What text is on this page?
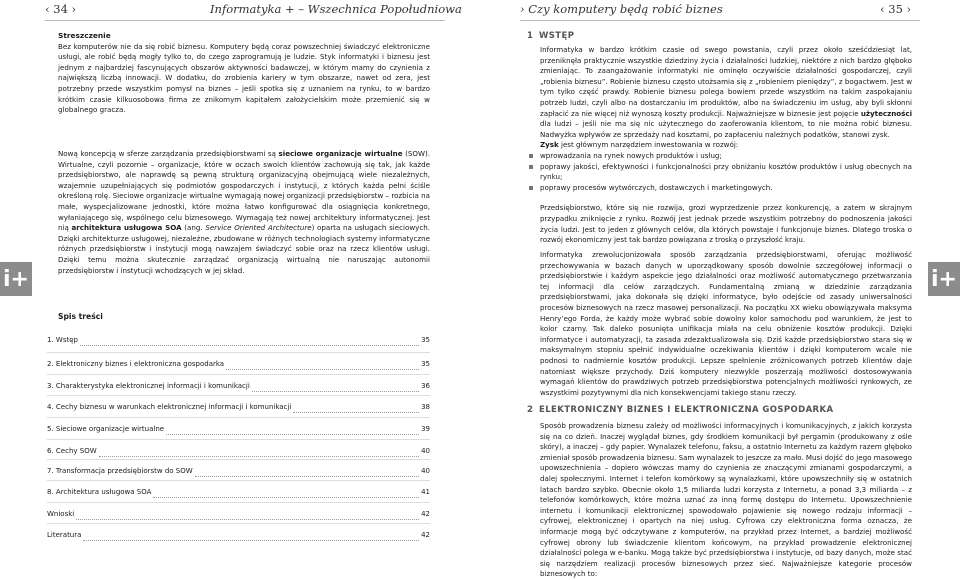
‹ 34 ›	Informatyka + – Wszechnica Popołudniowa	› Czy komputery będą robić biznes	‹ 35 ›
i+	i+

Streszczenie

Bez komputerów nie da się robić biznesu. Komputery będą coraz powszechniej świadczyć elektroniczne usługi, ale robić będą mogły tylko to, do czego zaprogramują je ludzie. Styk informatyki i biznesu jest jednym z najbardziej fascynujących obszarów aktywności badawczej, w którym mamy do czynienia z największą liczbą innowacji. W dodatku, do zrobienia kariery w tym obszarze, nawet od zera, jest potrzebny przede wszystkim pomysł na biznes – jeśli spotka się z uznaniem na rynku, to w bardzo krótkim czasie kilkuosobowa firma ze znikomym kapitałem założycielskim może przemienić się w globalnego gracza.

Nową koncepcją w sferze zarządzania przedsiębiorstwami są sieciowe organizacje wirtualne (SOW). Wirtualne, czyli pozornie – organizacje, które w oczach swoich klientów zachowują się tak, jak każde przedsiębiorstwo, ale naprawdę są pewną strukturą organizacyjną obejmującą wiele niezależnych, wzajemnie uzupełniających się podmiotów gospodarczych i instytucji, z których każda pełni ściśle określoną rolę. Sieciowe organizacje wirtualne wymagają nowej organizacji przedsiębiorstw – rozbicia na małe, wyspecjalizowane jednostki, które można łatwo konfigurować dla osiągnięcia konkretnego, wyłaniającego się, wspólnego celu biznesowego. Wymagają też nowej architektury informatycznej. Jest nią architektura usługowa SOA (ang. Service Oriented Architecture) oparta na usługach sieciowych. Dzięki architekturze usługowej, niezależne, zbudowane w różnych technologiach systemy informatyczne różnych przedsiębiorstw i instytucji mogą nawzajem świadczyć sobie oraz na rzecz klientów usługi. Dzięki temu można skutecznie zarządzać organizacją wirtualną nie naruszając autonomii przedsiębiorstw i instytucji wchodzących w jej skład.

Spis treści
1. Wstęp	35
2. Elektroniczny biznes i elektroniczna gospodarka	35
3. Charakterystyka elektronicznej informacji i komunikacji	36
4. Cechy biznesu w warunkach elektronicznej informacji i komunikacji	38
5. Sieciowe organizacje wirtualne	39
6. Cechy SOW	40
7. Transformacja przedsiębiorstw do SOW	40
8. Architektura usługowa SOA	41
Wnioski	42
Literatura	42
1 WSTĘP

Informatyka w bardzo krótkim czasie od swego powstania, czyli przez około sześćdziesiąt lat, przeniknęła praktycznie wszystkie dziedziny życia i działalności ludzkiej, niektóre z nich bardzo głęboko zmieniając. To zaangażowanie informatyki nie ominęło oczywiście działalności gospodarczej, czyli „robienia biznesu”. Robienie biznesu często utożsamia się z „robieniem pieniędzy”, z bogactwem. Jest w tym tylko część prawdy. Robienie biznesu polega bowiem przede wszystkim na takim zaspokajaniu potrzeb ludzi, czyli albo na dostarczaniu im produktów, albo na świadczeniu im usług, aby byli skłonni zapłacić za nie więcej niż wynoszą koszty produkcji. Najważniejsze w biznesie jest pojęcie użyteczności dla ludzi – jeśli nie ma się nic użytecznego do zaoferowania klientom, to nie można robić biznesu. Nadwyżka wpływów ze sprzedaży nad kosztami, po zapłaceniu należnych podatków, stanowi zysk.

Zysk jest głównym narzędziem inwestowania w rozwój:

wprowadzania na rynek nowych produktów i usług;
poprawy jakości, efektywności i funkcjonalności przy obniżaniu kosztów produktów i usług obecnych na rynku;
poprawy procesów wytwórczych, dostawczych i marketingowych.

Przedsiębiorstwo, które się nie rozwija, grozi wyprzedzenie przez konkurencję, a zatem w skrajnym przypadku zniknięcie z rynku. Rozwój jest jednak przede wszystkim potrzebny do podnoszenia jakości życia ludzi. Jest to jeden z głównych celów, dla których powstaje i funkcjonuje biznes. Dlatego troska o rozwój ekonomiczny jest tak bardzo powiązana z troską o przyszłość kraju.

Informatyka zrewolucjonizowała sposób zarządzania przedsiębiorstwami, oferując możliwość przechowywania w bazach danych w uporządkowany sposób dowolnie szczegółowej informacji o przedsiębiorstwie i każdym aspekcie jego działalności oraz możliwość automatycznego przetwarzania tej informacji dla celów zarządczych. Fundamentalną zmianą w dziedzinie zarządzania przedsiębiorstwami, jaka dokonała się dzięki informatyce, było odejście od zasady uniwersalności procesów biznesowych na rzecz masowej personalizacji. Na początku XX wieku obowiązywała maksyma Henry’ego Forda, że każdy może wybrać sobie dowolny kolor samochodu pod warunkiem, że jest to kolor czarny. Tak daleko posunięta unifikacja miała na celu obniżenie kosztów produkcji. Dzięki informatyce i automatyzacji, ta zasada zdezaktualizowała się. Dziś każde przedsiębiorstwo stara się w maksymalnym stopniu spełnić indywidualne oczekiwania klientów i dzięki komputerom wcale nie podnosi to nadmiernie kosztów produkcji. Lepsze spełnienie zróżnicowanych potrzeb klientów daje natomiast większe przychody. Dziś komputery niezwykle poszerzają możliwości dostosowywania wymagań klientów do prawdziwych potrzeb przedsiębiorstwa potencjalnych możliwości rynkowych, ze wszystkimi pozytywnymi dla nich konsekwencjami takiego stanu rzeczy.

2 ELEKTRONICZNY BIZNES I ELEKTRONICZNA GOSPODARKA

Sposób prowadzenia biznesu zależy od możliwości informacyjnych i komunikacyjnych, z jakich korzysta się na co dzień. Inaczej wyglądał biznes, gdy środkiem komunikacji był pergamin (produkowany z ośle skóry), a inaczej – gdy papier. Wynalazek telefonu, faksu, a ostatnio Internetu za każdym razem głęboko zmieniał sposób prowadzenia biznesu. Sam wynalazek to jeszcze za mało. Musi dojść do jego masowego upowszechnienia – dopiero wówczas mamy do czynienia ze znaczącymi zmianami gospodarczymi, a dalej społecznymi. Internet i telefon komórkowy są wynalazkami, które upowszechniły się w ostatnich latach bardzo szybko. Obecnie około 1,5 miliarda ludzi korzysta z Internetu, a ponad 3,3 miliarda – z telefonów komórkowych, które można uznać za inną formę dostępu do Internetu. Upowszechnienie internetu i komunikacji elektronicznej spowodowało pojawienie się nowego rodzaju informacji – cyfrowej, elektronicznej i opartych na niej usług. Cyfrowa czy elektroniczna forma oznacza, że informacje mogą być odczytywane z komputerów, na przykład przez Internet, a bardziej możliwość cyfrowej obrony lub świadczenie klientom końcowym, na przykład prowadzenie elektronicznej działalności polega w e-banku. Mogą także być przedsiębiorstwa i instytucje, od bazy danych, może stać się narzędziem realizacji procesów biznesowych przez sieć. Najważniejsze kategorie procesów biznesowych to:
